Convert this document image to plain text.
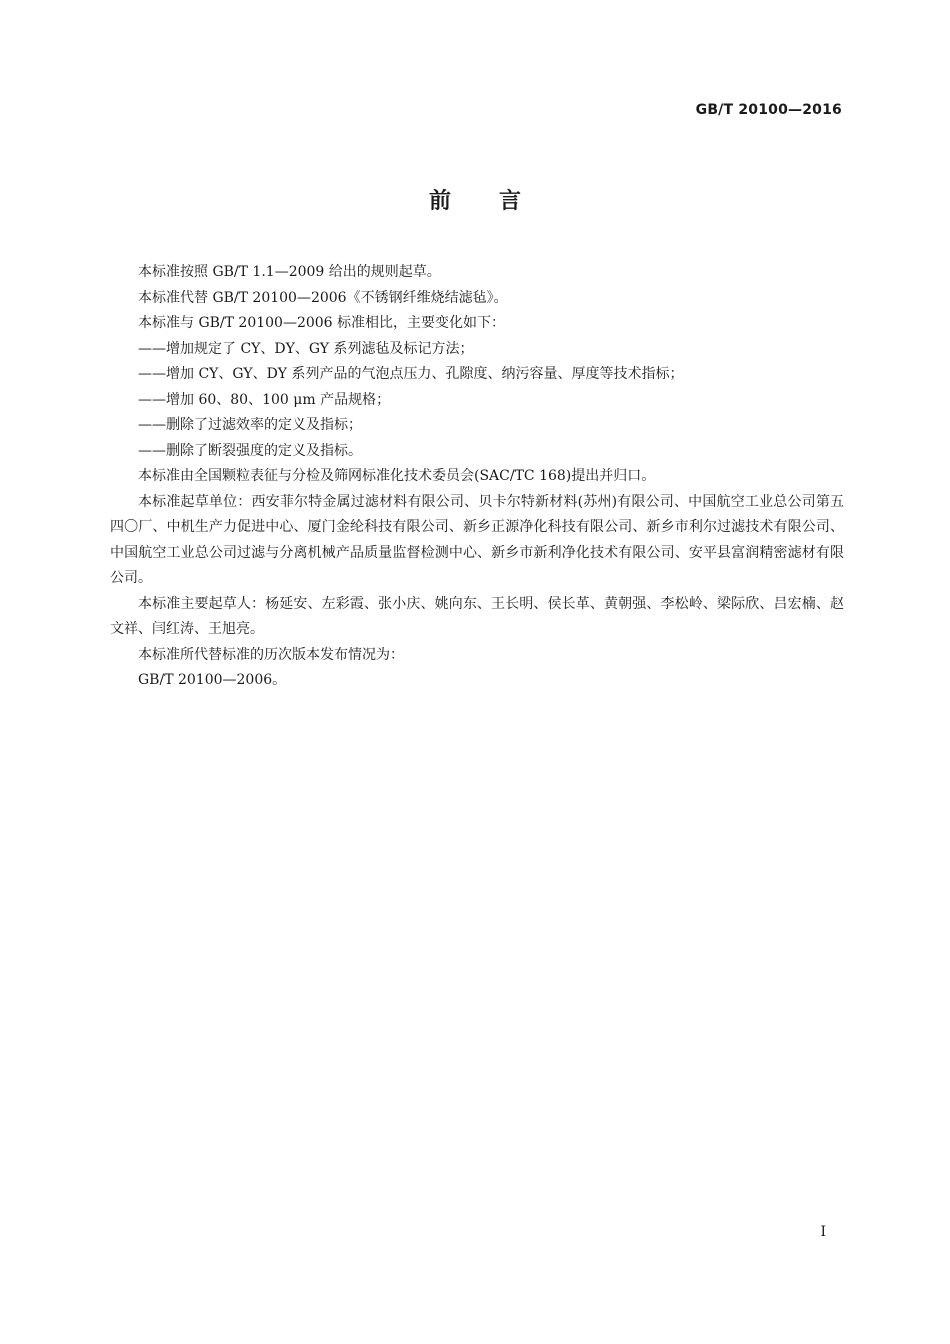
GB/T 20100—2016
前言

本标准按照 GB/T 1.1—2009 给出的规则起草。

本标准代替 GB/T 20100—2006《不锈钢纤维烧结滤毡》。

本标准与 GB/T 20100—2006 标准相比，主要变化如下：

——增加规定了 CY、DY、GY 系列滤毡及标记方法；

——增加 CY、GY、DY 系列产品的气泡点压力、孔隙度、纳污容量、厚度等技术指标；

——增加 60、80、100 μm 产品规格；

——删除了过滤效率的定义及指标；

——删除了断裂强度的定义及指标。

本标准由全国颗粒表征与分检及筛网标准化技术委员会(SAC/TC 168)提出并归口。

本标准起草单位：西安菲尔特金属过滤材料有限公司、贝卡尔特新材料(苏州)有限公司、中国航空工业总公司第五四〇厂、中机生产力促进中心、厦门金纶科技有限公司、新乡正源净化科技有限公司、新乡市利尔过滤技术有限公司、中国航空工业总公司过滤与分离机械产品质量监督检测中心、新乡市新利净化技术有限公司、安平县富润精密滤材有限公司。

本标准主要起草人：杨延安、左彩霞、张小庆、姚向东、王长明、侯长革、黄朝强、李松岭、梁际欣、吕宏楠、赵文祥、闫红涛、王旭亮。

本标准所代替标准的历次版本发布情况为：

GB/T 20100—2006。

I
